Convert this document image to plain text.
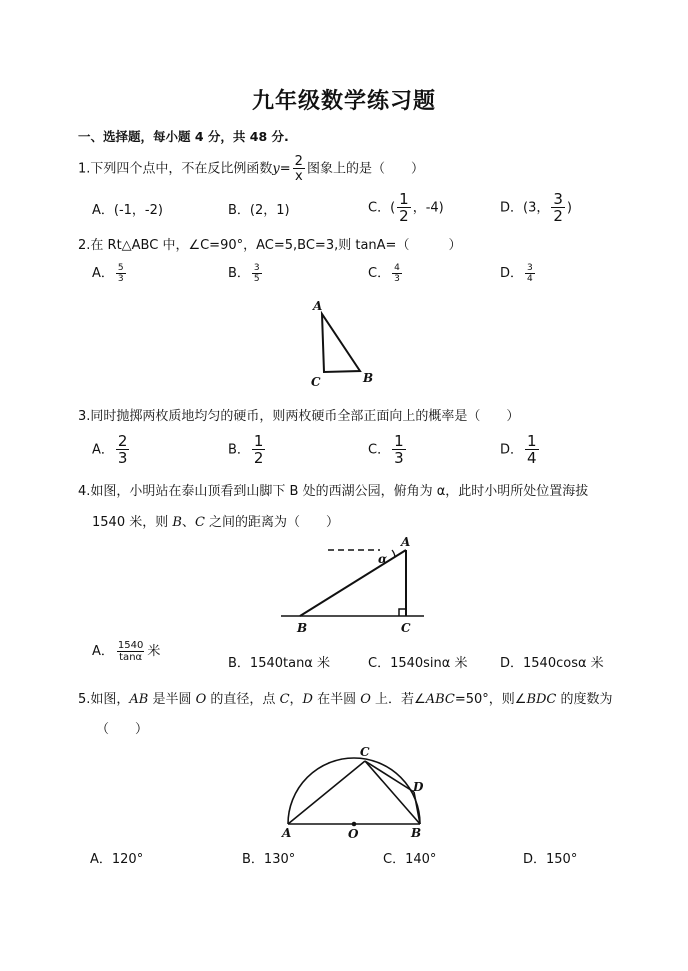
九年级数学练习题
一、选择题，每小题 4 分，共 48 分.
1.下列四个点中，不在反比例函数$y= \frac{2}{x}$ 图象上的是（　　）
A．(-1，-2)	B．(2，1)	C．( $\frac{1}{2}$ ，-4)	D．(3， $\frac{3}{2}$ )
2.在 Rt△ABC 中，∠C=90°，AC=5,BC=3,则 tanA=（　　　）
A． $\frac{5}{3}$	B． $\frac{3}{5}$	C． $\frac{4}{3}$	D． $\frac{3}{4}$
A
C	B
3.同时抛掷两枚质地均匀的硬币，则两枚硬币全部正面向上的概率是（　　）
A． $\frac{2}{3}$	B． $\frac{1}{2}$	C． $\frac{1}{3}$	D． $\frac{1}{4}$
4.如图，小明站在泰山顶看到山脚下 B 处的西湖公园，俯角为 α，此时小明所处位置海拔
1540 米，则 B、C 之间的距离为（　　）
A
α
B	C
A． $\frac{1540}{\tan\alpha}$ 米
B．1540tanα 米	C．1540sinα 米	D．1540cosα 米
5.如图，AB 是半圆 O 的直径，点 C，D 在半圆 O 上．若∠ABC=50°，则∠BDC 的度数为
（　　）
A	O	B
C
D
A．120°	B．130°	C．140°	D．150°
